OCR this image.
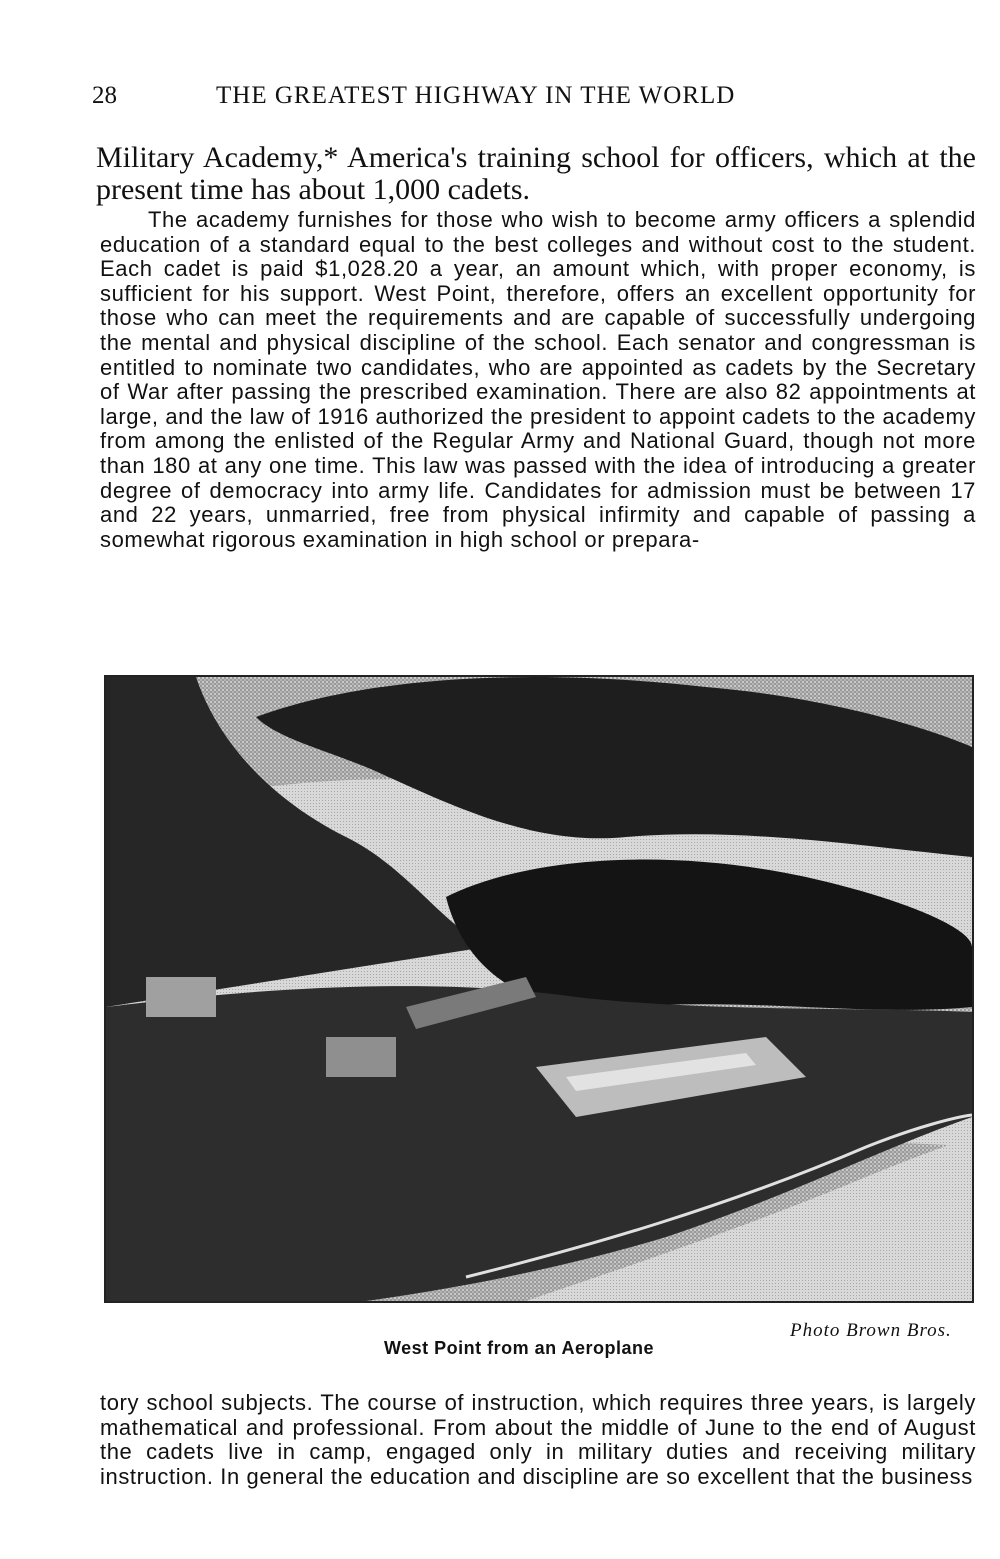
28	THE GREATEST HIGHWAY IN THE WORLD

Military Academy,* America's training school for officers, which at the present time has about 1,000 cadets.

The academy furnishes for those who wish to become army officers a splendid education of a standard equal to the best colleges and without cost to the student. Each cadet is paid $1,028.20 a year, an amount which, with proper economy, is sufficient for his support. West Point, therefore, offers an excellent opportunity for those who can meet the requirements and are capable of successfully undergoing the mental and physical discipline of the school. Each senator and congressman is entitled to nominate two candidates, who are appointed as cadets by the Secretary of War after passing the prescribed examination. There are also 82 appointments at large, and the law of 1916 authorized the president to appoint cadets to the academy from among the enlisted of the Regular Army and National Guard, though not more than 180 at any one time. This law was passed with the idea of introducing a greater degree of democracy into army life. Candidates for admission must be between 17 and 22 years, unmarried, free from physical infirmity and capable of passing a somewhat rigorous examination in high school or prepara-

Photo Brown Bros.
West Point from an Aeroplane

tory school subjects. The course of instruction, which requires three years, is largely mathematical and professional. From about the middle of June to the end of August the cadets live in camp, engaged only in military duties and receiving military instruction. In general the education and discipline are so excellent that the business
